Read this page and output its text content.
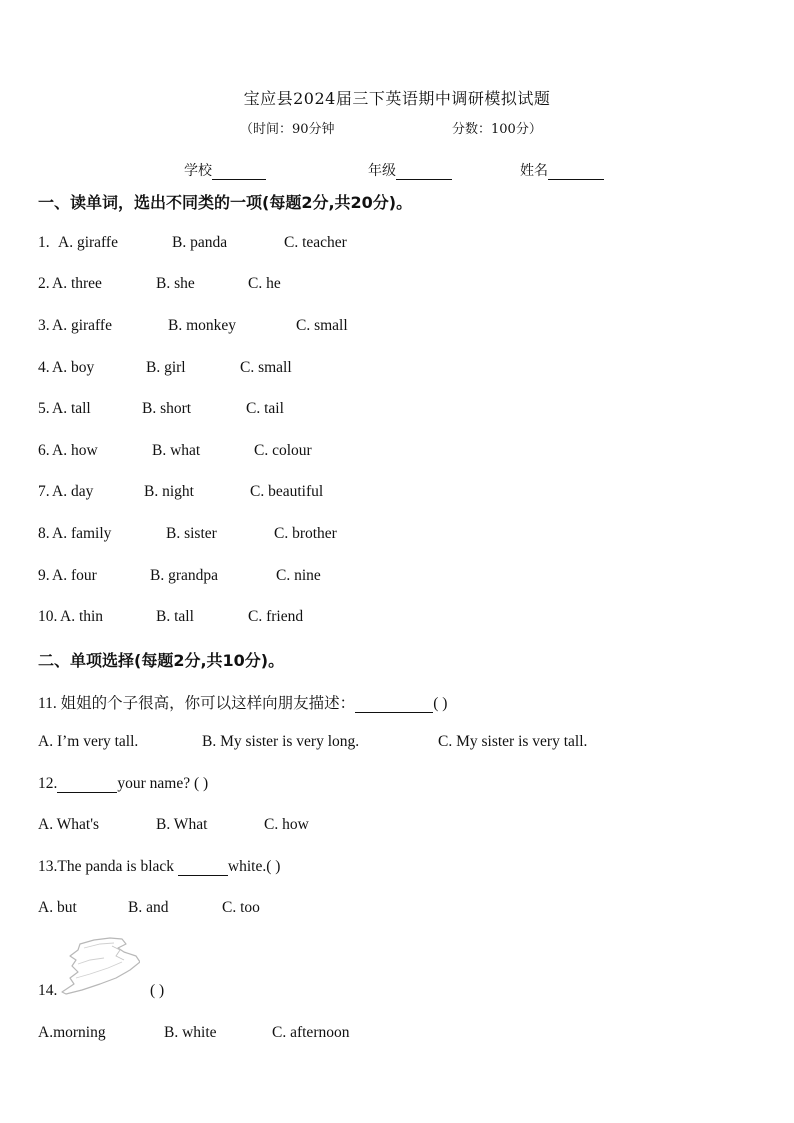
宝应县2024届三下英语期中调研模拟试题
（时间：90分钟	分数：100分）
学校	年级	姓名
一、读单词，选出不同类的一项(每题2分,共20分)。
1. A. giraffe	B. panda	C. teacher
2. A. three	B. she	C. he
3. A. giraffe	B. monkey	C. small
4. A. boy	B. girl	C. small
5. A. tall	B. short	C. tail
6. A. how	B. what	C. colour
7. A. day	B. night	C. beautiful
8. A. family	B. sister	C. brother
9. A. four	B. grandpa	C. nine
10. A. thin	B. tall	C. friend
二、单项选择(每题2分,共10分)。
11. 姐姐的个子很高，你可以这样向朋友描述：	( )
A. I’m very tall.	B. My sister is very long.	C. My sister is very tall.
12.	your name? ( )
A. What's	B. What	C. how
13.The panda is black	white.( )
A. but	B. and	C. too
14.	( )
A.morning	B. white	C. afternoon
